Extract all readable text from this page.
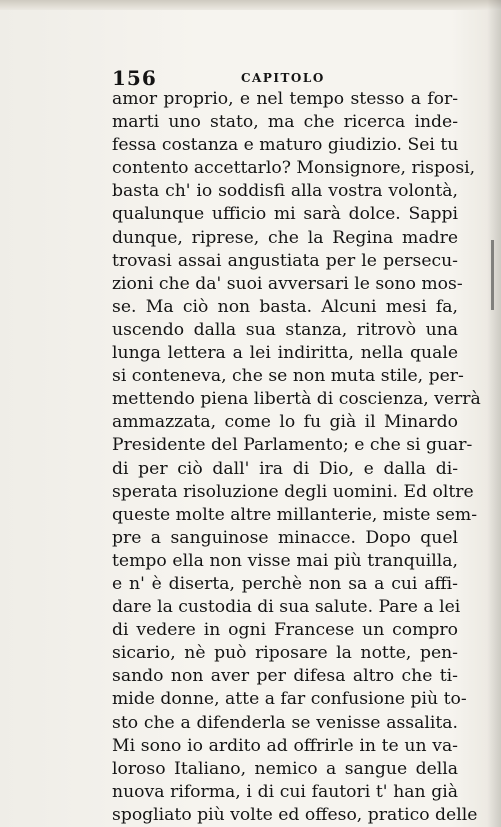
156	CAPITOLO
amor proprio, e nel tempo stesso a for-
marti uno stato, ma che ricerca inde-
fessa costanza e maturo giudizio. Sei tu
contento accettarlo? Monsignore, risposi,
basta ch' io soddisfi alla vostra volontà,
qualunque ufficio mi sarà dolce. Sappi
dunque, riprese, che la Regina madre
trovasi assai angustiata per le persecu-
zioni che da' suoi avversari le sono mos-
se. Ma ciò non basta. Alcuni mesi fa,
uscendo dalla sua stanza, ritrovò una
lunga lettera a lei indiritta, nella quale
si conteneva, che se non muta stile, per-
mettendo piena libertà di coscienza, verrà
ammazzata, come lo fu già il Minardo
Presidente del Parlamento; e che si guar-
di per ciò dall' ira di Dio, e dalla di-
sperata risoluzione degli uomini. Ed oltre
queste molte altre millanterie, miste sem-
pre a sanguinose minacce. Dopo quel
tempo ella non visse mai più tranquilla,
e n' è diserta, perchè non sa a cui affi-
dare la custodia di sua salute. Pare a lei
di vedere in ogni Francese un compro
sicario, nè può riposare la notte, pen-
sando non aver per difesa altro che ti-
mide donne, atte a far confusione più to-
sto che a difenderla se venisse assalita.
Mi sono io ardito ad offrirle in te un va-
loroso Italiano, nemico a sangue della
nuova riforma, i di cui fautori t' han già
spogliato più volte ed offeso, pratico delle
